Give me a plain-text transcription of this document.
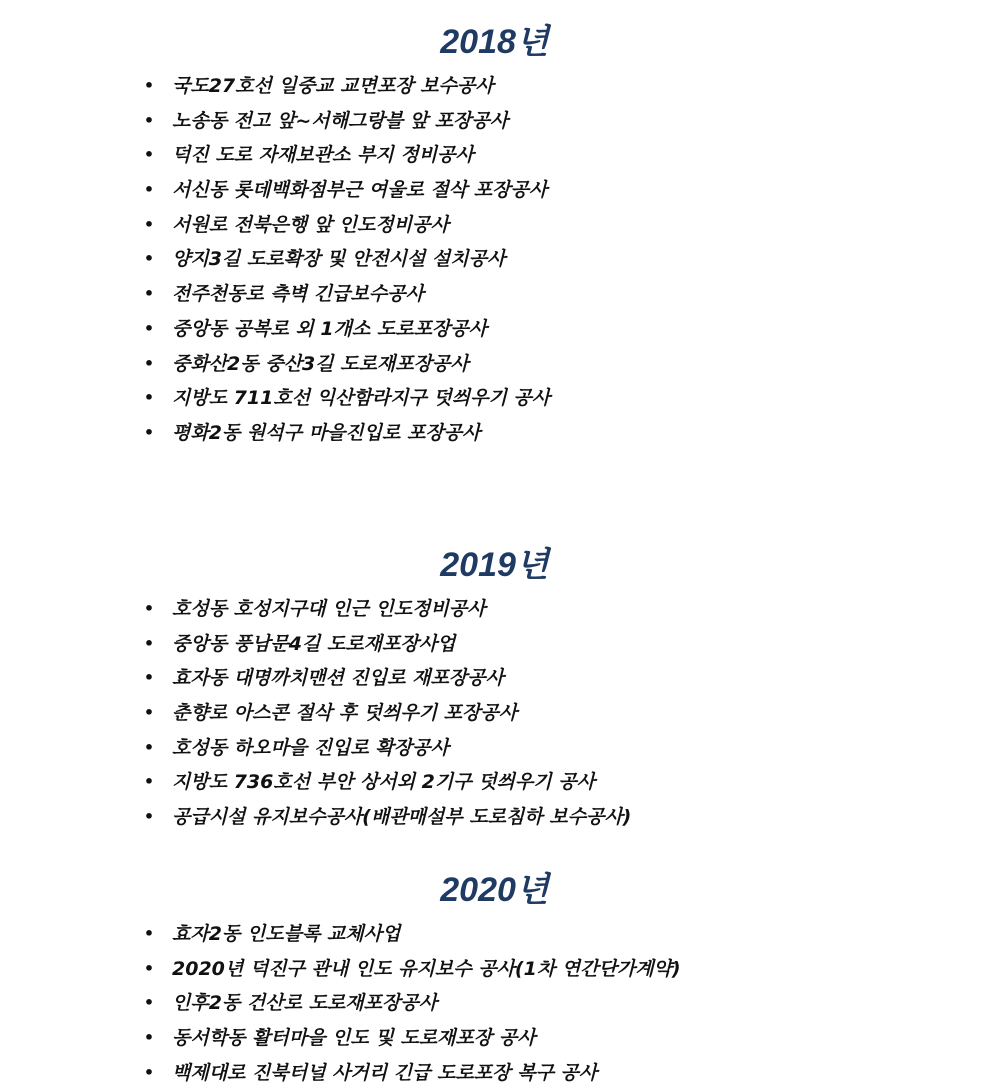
2018년
• 국도27호선 일중교 교면포장 보수공사
• 노송동 전고 앞~서해그랑블 앞 포장공사
• 덕진 도로 자재보관소 부지 정비공사
• 서신동 롯데백화점부근 여울로 절삭 포장공사
• 서원로 전북은행 앞 인도정비공사
• 양지3길 도로확장 및 안전시설 설치공사
• 전주천동로 측벽 긴급보수공사
• 중앙동 공복로 외 1개소 도로포장공사
• 중화산2동 중산3길 도로재포장공사
• 지방도 711호선 익산함라지구 덧씌우기 공사
• 평화2동 원석구 마을진입로 포장공사
2019년
• 호성동 호성지구대 인근 인도정비공사
• 중앙동 풍남문4길 도로재포장사업
• 효자동 대명까치맨션 진입로 재포장공사
• 춘향로 아스콘 절삭 후 덧씌우기 포장공사
• 호성동 하오마을 진입로 확장공사
• 지방도 736호선 부안 상서외 2기구 덧씌우기 공사
• 공급시설 유지보수공사(배관매설부 도로침하 보수공사)
2020년
• 효자2동 인도블록 교체사업
• 2020년 덕진구 관내 인도 유지보수 공사(1차 연간단가계약)
• 인후2동 건산로 도로재포장공사
• 동서학동 활터마을 인도 및 도로재포장 공사
• 백제대로 진북터널 사거리 긴급 도로포장 복구 공사
